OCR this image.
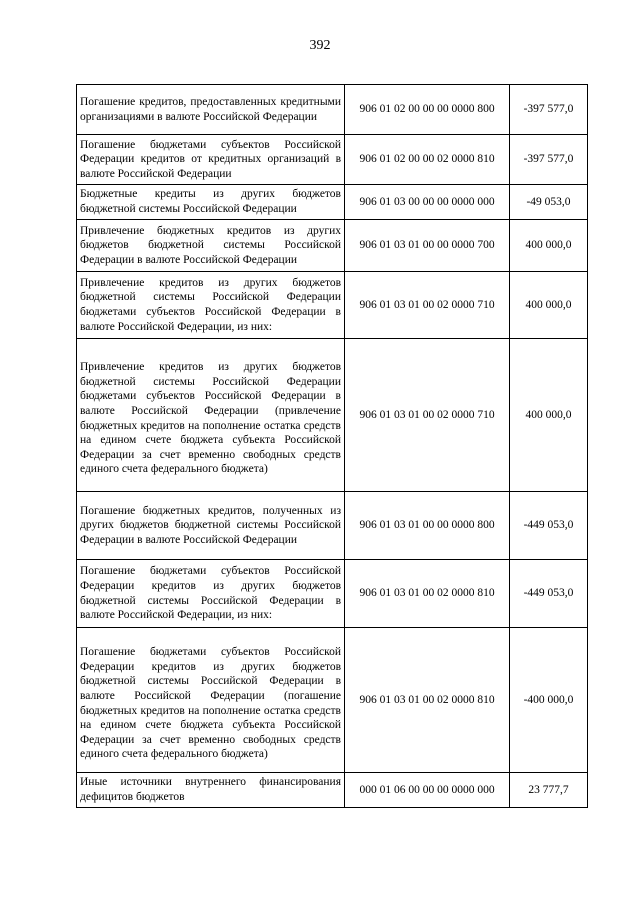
392
Погашение кредитов, предоставленных кредитными организациями в валюте Российской Федерации	906 01 02 00 00 00 0000 800	-397 577,0
Погашение бюджетами субъектов Российской Федерации кредитов от кредитных организаций в валюте Российской Федерации	906 01 02 00 00 02 0000 810	-397 577,0
Бюджетные кредиты из других бюджетов бюджетной системы Российской Федерации	906 01 03 00 00 00 0000 000	-49 053,0
Привлечение бюджетных кредитов из других бюджетов бюджетной системы Российской Федерации в валюте Российской Федерации	906 01 03 01 00 00 0000 700	400 000,0
Привлечение кредитов из других бюджетов бюджетной системы Российской Федерации бюджетами субъектов Российской Федерации в валюте Российской Федерации, из них:	906 01 03 01 00 02 0000 710	400 000,0
Привлечение кредитов из других бюджетов бюджетной системы Российской Федерации бюджетами субъектов Российской Федерации в валюте Российской Федерации (привлечение бюджетных кредитов на пополнение остатка средств на едином счете бюджета субъекта Российской Федерации за счет временно свободных средств единого счета федерального бюджета)	906 01 03 01 00 02 0000 710	400 000,0
Погашение бюджетных кредитов, полученных из других бюджетов бюджетной системы Российской Федерации в валюте Российской Федерации	906 01 03 01 00 00 0000 800	-449 053,0
Погашение бюджетами субъектов Российской Федерации кредитов из других бюджетов бюджетной системы Российской Федерации в валюте Российской Федерации, из них:	906 01 03 01 00 02 0000 810	-449 053,0
Погашение бюджетами субъектов Российской Федерации кредитов из других бюджетов бюджетной системы Российской Федерации в валюте Российской Федерации (погашение бюджетных кредитов на пополнение остатка средств на едином счете бюджета субъекта Российской Федерации за счет временно свободных средств единого счета федерального бюджета)	906 01 03 01 00 02 0000 810	-400 000,0
Иные источники внутреннего финансирования дефицитов бюджетов	000 01 06 00 00 00 0000 000	23 777,7
